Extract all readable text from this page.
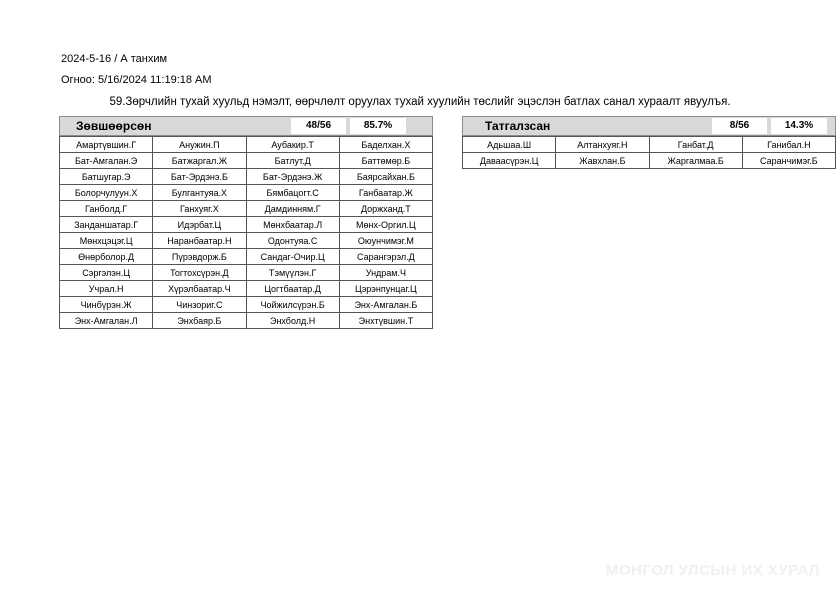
2024-5-16 / А танхим
Огноо: 5/16/2024 11:19:18 AM
59.Зөрчлийн тухай хуульд нэмэлт, өөрчлөлт оруулах тухай хуулийн төслийг эцэслэн батлах санал хураалт явуулъя.
Зөвшөөрсөн	48/56	85.7%
Амартүвшин.Г	Анужин.П	Аубакир.Т	Баделхан.Х
Бат-Амгалан.Э	Батжаргал.Ж	Батлут.Д	Баттөмөр.Б
Батшугар.Э	Бат-Эрдэнэ.Б	Бат-Эрдэнэ.Ж	Баярсайхан.Б
Болорчулуун.Х	Булгантуяа.Х	Бямбацогт.С	Ганбаатар.Ж
Ганболд.Г	Ганхуяг.Х	Дамдинням.Г	Доржханд.Т
Занданшатар.Г	Идэрбат.Ц	Мөнхбаатар.Л	Мөнх-Оргил.Ц
Мөнхцэцэг.Ц	Наранбаатар.Н	Одонтуяа.С	Оюунчимэг.М
Өнөрболор.Д	Пүрэвдорж.Б	Сандаг-Очир.Ц	Сарангэрэл.Д
Сэргэлэн.Ц	Тогтохсүрэн.Д	Тэмүүлэн.Г	Ундрам.Ч
Учрал.Н	Хүрэлбаатар.Ч	Цогтбаатар.Д	Цэрэнпунцаг.Ц
Чинбүрэн.Ж	Чинзориг.С	Чойжилсүрэн.Б	Энх-Амгалан.Б
Энх-Амгалан.Л	Энхбаяр.Б	Энхболд.Н	Энхтүвшин.Т
Татгалзсан	8/56	14.3%
Адьшаа.Ш	Алтанхуяг.Н	Ганбат.Д	Ганибал.Н
Даваасүрэн.Ц	Жавхлан.Б	Жаргалмаа.Б	Саранчимэг.Б
МОНГОЛ УЛСЫН ИХ ХУРАЛ
